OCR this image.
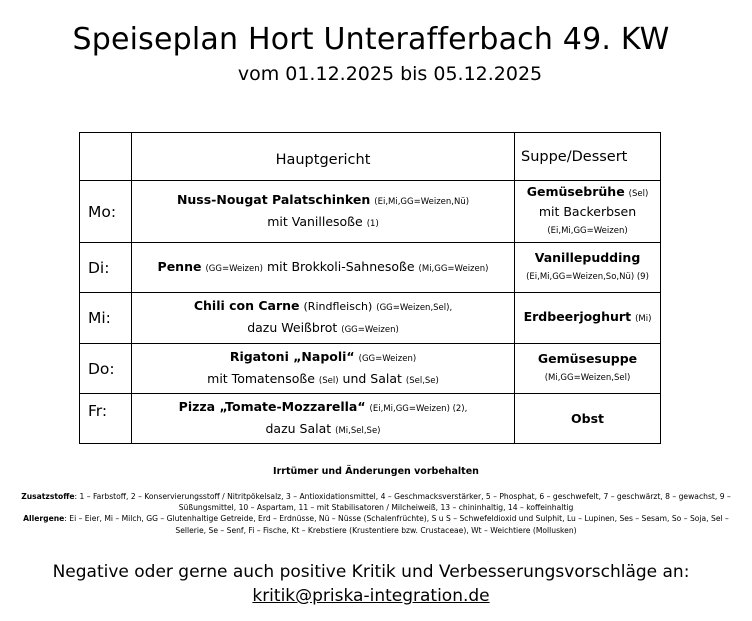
Speiseplan Hort Unterafferbach 49. KW
vom 01.12.2025 bis 05.12.2025
	Hauptgericht	Suppe/Dessert
Mo:	Nuss-Nougat Palatschinken (Ei,Mi,GG=Weizen,Nü)
mit Vanillesoße (1)	Gemüsebrühe (Sel)
mit Backerbsen
(Ei,Mi,GG=Weizen)
Di:	Penne (GG=Weizen) mit Brokkoli-Sahnesoße (Mi,GG=Weizen)	Vanillepudding
(Ei,Mi,GG=Weizen,So,Nü) (9)
Mi:	Chili con Carne (Rindfleisch) (GG=Weizen,Sel),
dazu Weißbrot (GG=Weizen)	Erdbeerjoghurt (Mi)
Do:	Rigatoni „Napoli“ (GG=Weizen)
mit Tomatensoße (Sel) und Salat (Sel,Se)	Gemüsesuppe
(Mi,GG=Weizen,Sel)
Fr:	Pizza „Tomate-Mozzarella“ (Ei,Mi,GG=Weizen) (2),
dazu Salat (Mi,Sel,Se)	Obst
Irrtümer und Änderungen vorbehalten
Zusatzstoffe: 1 – Farbstoff, 2 – Konservierungsstoff / Nitritpökelsalz, 3 – Antioxidationsmittel, 4 – Geschmacksverstärker, 5 – Phosphat, 6 – geschwefelt, 7 – geschwärzt, 8 – gewachst, 9 – Süßungsmittel, 10 – Aspartam, 11 – mit Stabilisatoren / Milcheiweiß, 13 – chininhaltig, 14 – koffeinhaltig
Allergene: Ei – Eier, Mi – Milch, GG – Glutenhaltige Getreide, Erd – Erdnüsse, Nü – Nüsse (Schalenfrüchte), S u S – Schwefeldioxid und Sulphit, Lu – Lupinen, Ses – Sesam, So – Soja, Sel – Sellerie, Se – Senf, Fi – Fische, Kt – Krebstiere (Krustentiere bzw. Crustaceae), Wt – Weichtiere (Mollusken)
Negative oder gerne auch positive Kritik und Verbesserungsvorschläge an:
kritik@priska-integration.de
